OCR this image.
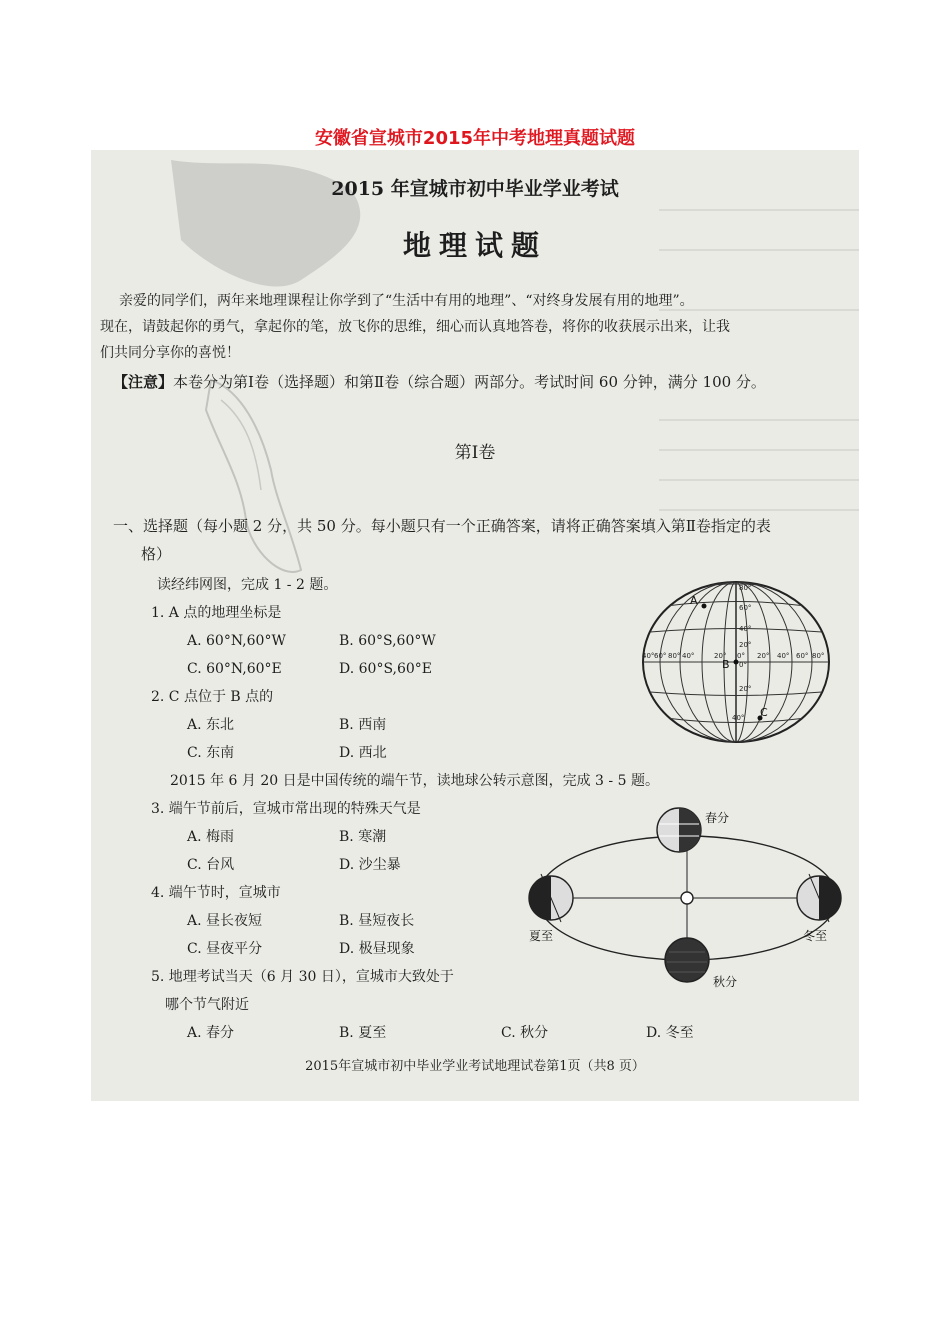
安徽省宣城市2015年中考地理真题试题
2015 年宣城市初中毕业学业考试
地理试题
亲爱的同学们，两年来地理课程让你学到了“生活中有用的地理”、“对终身发展有用的地理”。
现在，请鼓起你的勇气，拿起你的笔，放飞你的思维，细心而认真地答卷，将你的收获展示出来，让我
们共同分享你的喜悦！
【注意】本卷分为第Ⅰ卷（选择题）和第Ⅱ卷（综合题）两部分。考试时间 60 分钟，满分 100 分。
第Ⅰ卷
一、选择题（每小题 2 分，共 50 分。每小题只有一个正确答案，请将正确答案填入第Ⅱ卷指定的表
格）
读经纬网图，完成 1 - 2 题。
1. A 点的地理坐标是
A. 60°N,60°W	B. 60°S,60°W
C. 60°N,60°E	D. 60°S,60°E
2. C 点位于 B 点的
A. 东北	B. 西南
C. 东南	D. 西北
2015 年 6 月 20 日是中国传统的端午节，读地球公转示意图，完成 3 - 5 题。
3. 端午节前后，宣城市常出现的特殊天气是
A. 梅雨	B. 寒潮
C. 台风	D. 沙尘暴
4. 端午节时，宣城市
A. 昼长夜短	B. 昼短夜长
C. 昼夜平分	D. 极昼现象
5. 地理考试当天（6 月 30 日），宣城市大致处于
哪个节气附近
A. 春分	B. 夏至	C. 秋分	D. 冬至
2015年宣城市初中毕业学业考试地理试卷第1页（共8 页）
80°
60°
40°
20°
0°
20°
40°
40° 60° 80° 40°	20° 0° 20° 40° 60° 80°
A
B
C
春分
夏至
秋分
冬至
